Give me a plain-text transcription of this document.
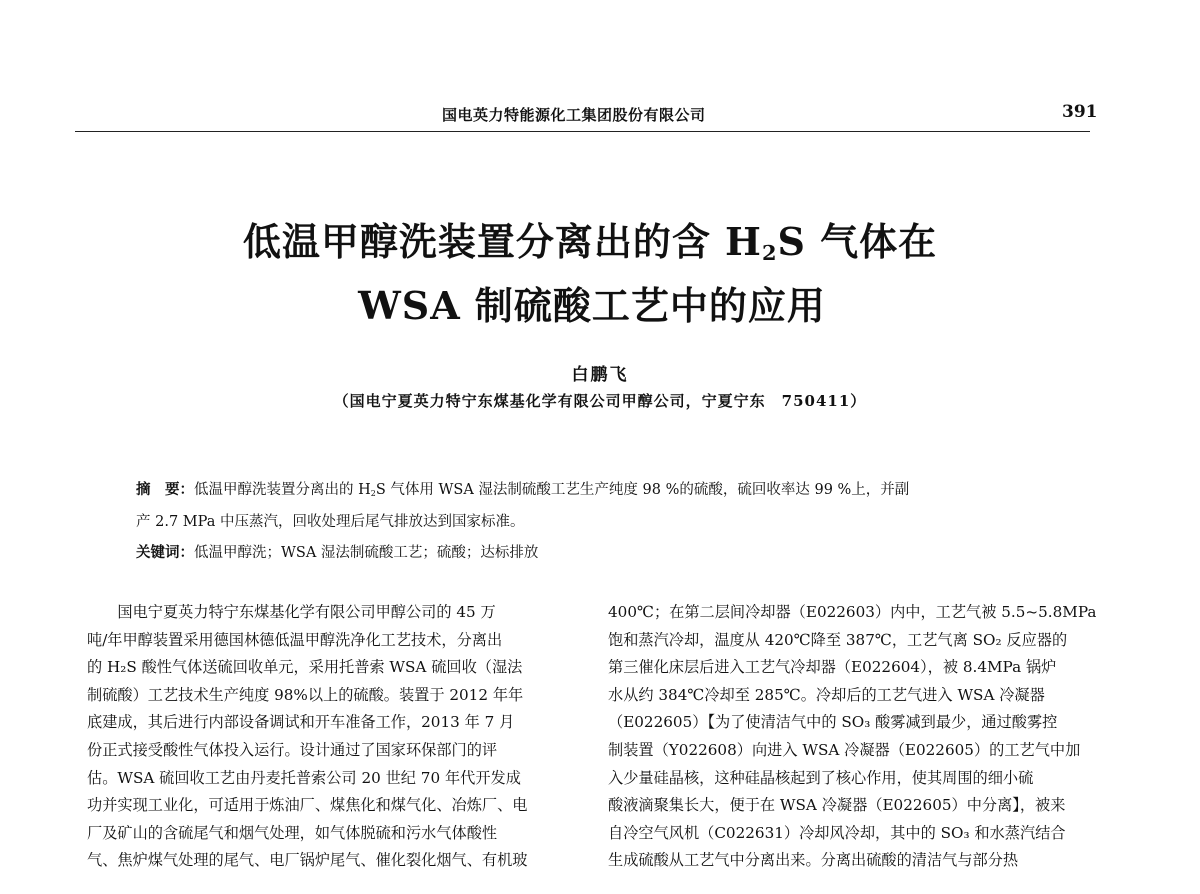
国电英力特能源化工集团股份有限公司	391
低温甲醇洗装置分离出的含 $H_2S$ 气体在
WSA 制硫酸工艺中的应用
白鹏飞
（国电宁夏英力特宁东煤基化学有限公司甲醇公司，宁夏宁东　750411）
摘　要：低温甲醇洗装置分离出的 $H_2S$ 气体用 WSA 湿法制硫酸工艺生产纯度 98 %的硫酸，硫回收率达 99 %上，并副
产 2.7 MPa 中压蒸汽，回收处理后尾气排放达到国家标准。
关键词：低温甲醇洗；WSA 湿法制硫酸工艺；硫酸；达标排放
　　国电宁夏英力特宁东煤基化学有限公司甲醇公司的 45 万
吨/年甲醇装置采用德国林德低温甲醇洗净化工艺技术，分离出
的 H₂S 酸性气体送硫回收单元，采用托普索 WSA 硫回收（湿法
制硫酸）工艺技术生产纯度 98%以上的硫酸。装置于 2012 年年
底建成，其后进行内部设备调试和开车准备工作，2013 年 7 月
份正式接受酸性气体投入运行。设计通过了国家环保部门的评
估。WSA 硫回收工艺由丹麦托普索公司 20 世纪 70 年代开发成
功并实现工业化，可适用于炼油厂、煤焦化和煤气化、冶炼厂、电
厂及矿山的含硫尾气和烟气处理，如气体脱硫和污水气体酸性
气、焦炉煤气处理的尾气、电厂锅炉尾气、催化裂化烟气、有机玻
400℃；在第二层间冷却器（E022603）内中，工艺气被 5.5~5.8MPa
饱和蒸汽冷却，温度从 420℃降至 387℃，工艺气离 SO₂ 反应器的
第三催化床层后进入工艺气冷却器（E022604），被 8.4MPa 锅炉
水从约 384℃冷却至 285℃。冷却后的工艺气进入 WSA 冷凝器
（E022605）【为了使清洁气中的 SO₃ 酸雾减到最少，通过酸雾控
制装置（Y022608）向进入 WSA 冷凝器（E022605）的工艺气中加
入少量硅晶核，这种硅晶核起到了核心作用，使其周围的细小硫
酸液滴聚集长大，便于在 WSA 冷凝器（E022605）中分离】，被来
自冷空气风机（C022631）冷却风冷却，其中的 SO₃ 和水蒸汽结合
生成硫酸从工艺气中分离出来。分离出硫酸的清洁气与部分热
